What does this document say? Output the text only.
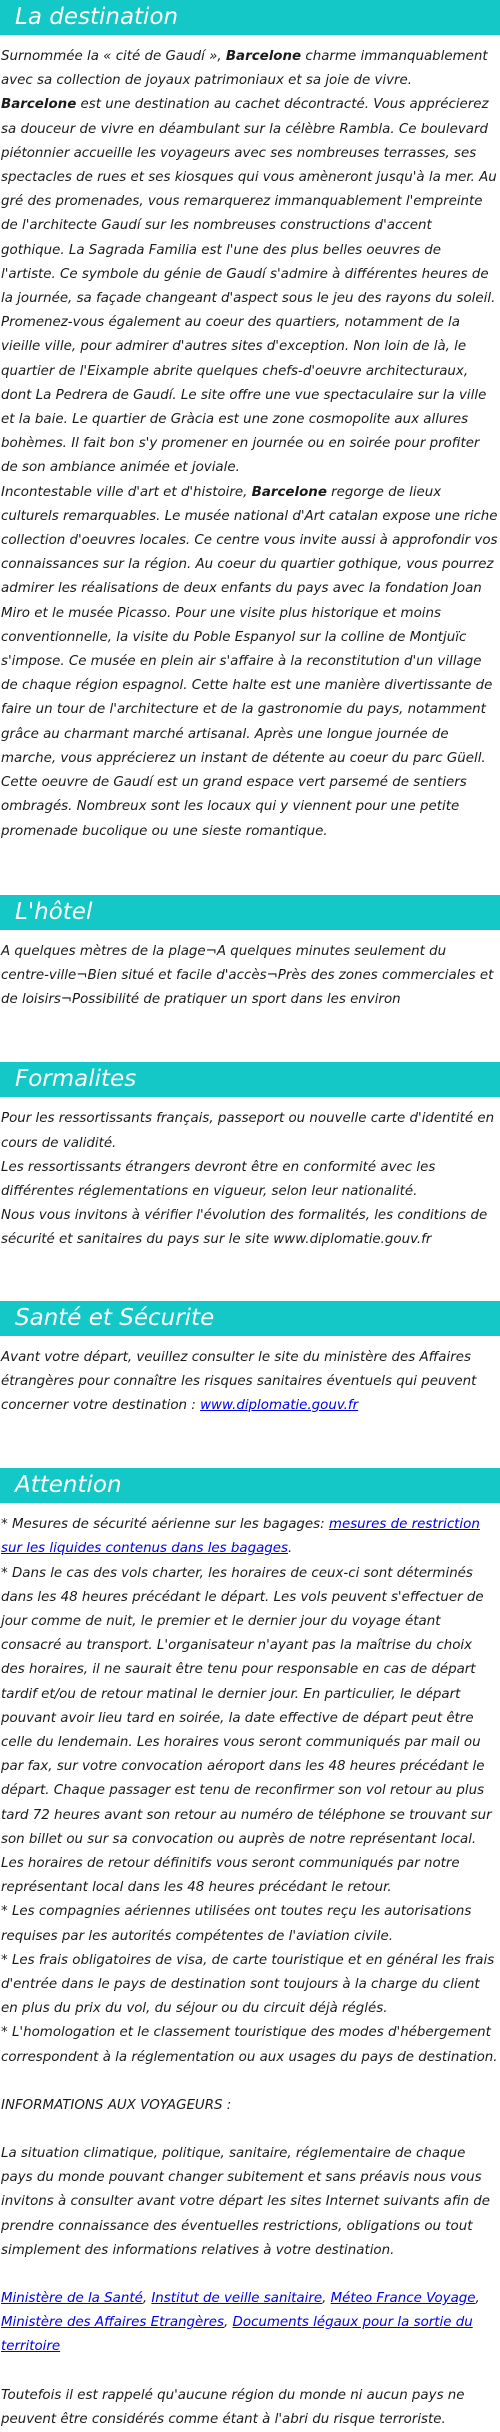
La destination

Surnommée la « cité de Gaudí », Barcelone charme immanquablement avec sa collection de joyaux patrimoniaux et sa joie de vivre.

Barcelone est une destination au cachet décontracté. Vous apprécierez sa douceur de vivre en déambulant sur la célèbre Rambla. Ce boulevard piétonnier accueille les voyageurs avec ses nombreuses terrasses, ses spectacles de rues et ses kiosques qui vous amèneront jusqu'à la mer. Au gré des promenades, vous remarquerez immanquablement l'empreinte de l'architecte Gaudí sur les nombreuses constructions d'accent gothique. La Sagrada Familia est l'une des plus belles oeuvres de l'artiste. Ce symbole du génie de Gaudí s'admire à différentes heures de la journée, sa façade changeant d'aspect sous le jeu des rayons du soleil. Promenez-vous également au coeur des quartiers, notamment de la vieille ville, pour admirer d'autres sites d'exception. Non loin de là, le quartier de l'Eixample abrite quelques chefs-d'oeuvre architecturaux, dont La Pedrera de Gaudí. Le site offre une vue spectaculaire sur la ville et la baie. Le quartier de Gràcia est une zone cosmopolite aux allures bohèmes. Il fait bon s'y promener en journée ou en soirée pour profiter de son ambiance animée et joviale.

Incontestable ville d'art et d'histoire, Barcelone regorge de lieux culturels remarquables. Le musée national d'Art catalan expose une riche collection d'oeuvres locales. Ce centre vous invite aussi à approfondir vos connaissances sur la région. Au coeur du quartier gothique, vous pourrez admirer les réalisations de deux enfants du pays avec la fondation Joan Miro et le musée Picasso. Pour une visite plus historique et moins conventionnelle, la visite du Poble Espanyol sur la colline de Montjuïc s'impose. Ce musée en plein air s'affaire à la reconstitution d'un village de chaque région espagnol. Cette halte est une manière divertissante de faire un tour de l'architecture et de la gastronomie du pays, notamment grâce au charmant marché artisanal. Après une longue journée de marche, vous apprécierez un instant de détente au coeur du parc Güell. Cette oeuvre de Gaudí est un grand espace vert parsemé de sentiers ombragés. Nombreux sont les locaux qui y viennent pour une petite promenade bucolique ou une sieste romantique.

L'hôtel

A quelques mètres de la plage¬A quelques minutes seulement du centre-ville¬Bien situé et facile d'accès¬Près des zones commerciales et de loisirs¬Possibilité de pratiquer un sport dans les environ

Formalites

Pour les ressortissants français, passeport ou nouvelle carte d'identité en cours de validité.

Les ressortissants étrangers devront être en conformité avec les différentes réglementations en vigueur, selon leur nationalité.

Nous vous invitons à vérifier l'évolution des formalités, les conditions de sécurité et sanitaires du pays sur le site www.diplomatie.gouv.fr

Santé et Sécurite

Avant votre départ, veuillez consulter le site du ministère des Affaires étrangères pour connaître les risques sanitaires éventuels qui peuvent concerner votre destination : www.diplomatie.gouv.fr

Attention

* Mesures de sécurité aérienne sur les bagages: mesures de restriction sur les liquides contenus dans les bagages.

* Dans le cas des vols charter, les horaires de ceux-ci sont déterminés dans les 48 heures précédant le départ. Les vols peuvent s'effectuer de jour comme de nuit, le premier et le dernier jour du voyage étant consacré au transport. L'organisateur n'ayant pas la maîtrise du choix des horaires, il ne saurait être tenu pour responsable en cas de départ tardif et/ou de retour matinal le dernier jour. En particulier, le départ pouvant avoir lieu tard en soirée, la date effective de départ peut être celle du lendemain. Les horaires vous seront communiqués par mail ou par fax, sur votre convocation aéroport dans les 48 heures précédant le départ. Chaque passager est tenu de reconfirmer son vol retour au plus tard 72 heures avant son retour au numéro de téléphone se trouvant sur son billet ou sur sa convocation ou auprès de notre représentant local. Les horaires de retour définitifs vous seront communiqués par notre représentant local dans les 48 heures précédant le retour.

* Les compagnies aériennes utilisées ont toutes reçu les autorisations requises par les autorités compétentes de l'aviation civile.

* Les frais obligatoires de visa, de carte touristique et en général les frais d'entrée dans le pays de destination sont toujours à la charge du client en plus du prix du vol, du séjour ou du circuit déjà réglés.

* L'homologation et le classement touristique des modes d'hébergement correspondent à la réglementation ou aux usages du pays de destination.

INFORMATIONS AUX VOYAGEURS :

La situation climatique, politique, sanitaire, réglementaire de chaque pays du monde pouvant changer subitement et sans préavis nous vous invitons à consulter avant votre départ les sites Internet suivants afin de prendre connaissance des éventuelles restrictions, obligations ou tout simplement des informations relatives à votre destination.

Ministère de la Santé, Institut de veille sanitaire, Méteo France Voyage, Ministère des Affaires Etrangères, Documents légaux pour la sortie du territoire

Toutefois il est rappelé qu'aucune région du monde ni aucun pays ne peuvent être considérés comme étant à l'abri du risque terroriste.
